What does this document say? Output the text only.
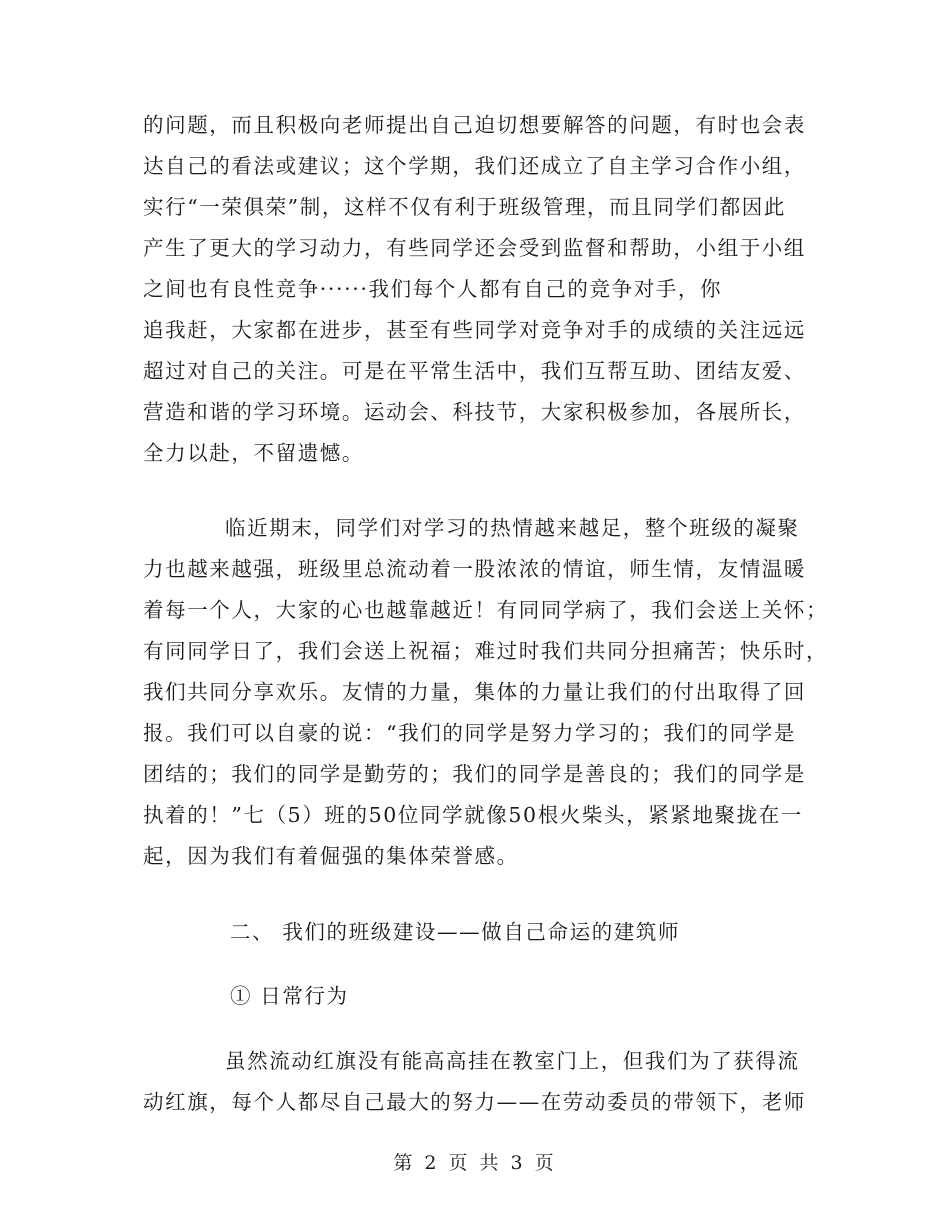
的问题，而且积极向老师提出自己迫切想要解答的问题，有时也会表
达自己的看法或建议；这个学期，我们还成立了自主学习合作小组，
实行“一荣俱荣”制，这样不仅有利于班级管理，而且同学们都因此
产生了更大的学习动力，有些同学还会受到监督和帮助，小组于小组
之间也有良性竞争······我们每个人都有自己的竞争对手，你
追我赶，大家都在进步，甚至有些同学对竞争对手的成绩的关注远远
超过对自己的关注。可是在平常生活中，我们互帮互助、团结友爱、
营造和谐的学习环境。运动会、科技节，大家积极参加，各展所长，
全力以赴，不留遗憾。
临近期末，同学们对学习的热情越来越足，整个班级的凝聚
力也越来越强，班级里总流动着一股浓浓的情谊，师生情，友情温暖
着每一个人，大家的心也越靠越近！有同同学病了，我们会送上关怀；
有同同学日了，我们会送上祝福；难过时我们共同分担痛苦；快乐时，
我们共同分享欢乐。友情的力量，集体的力量让我们的付出取得了回
报。我们可以自豪的说：“我们的同学是努力学习的；我们的同学是
团结的；我们的同学是勤劳的；我们的同学是善良的；我们的同学是
执着的！”七（5）班的50位同学就像50根火柴头，紧紧地聚拢在一
起，因为我们有着倔强的集体荣誉感。
二、 我们的班级建设——做自己命运的建筑师
① 日常行为
虽然流动红旗没有能高高挂在教室门上，但我们为了获得流
动红旗，每个人都尽自己最大的努力——在劳动委员的带领下，老师
第 2 页 共 3 页
